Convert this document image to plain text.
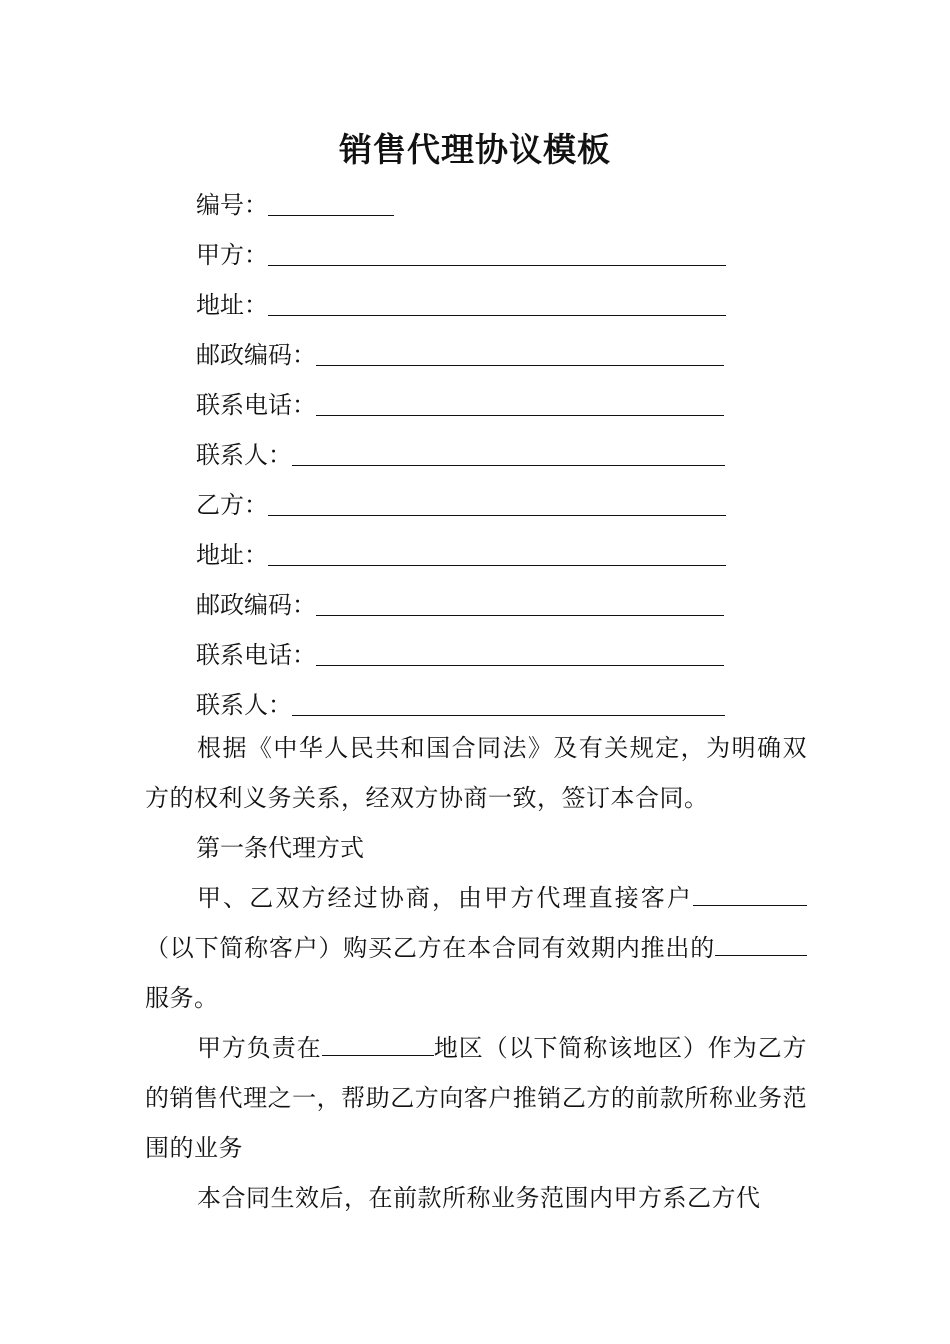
销售代理协议模板
编号：
甲方：
地址：
邮政编码：
联系电话：
联系人：
乙方：
地址：
邮政编码：
联系电话：
联系人：

根据《中华人民共和国合同法》及有关规定，为明确双方的权利义务关系，经双方协商一致，签订本合同。

第一条代理方式

甲、乙双方经过协商，由甲方代理直接客户（以下简称客户）购买乙方在本合同有效期内推出的服务。

甲方负责在	地区（以下简称该地区）作为乙方的销售代理之一，帮助乙方向客户推销乙方的前款所称业务范围的业务

本合同生效后，在前款所称业务范围内甲方系乙方代
